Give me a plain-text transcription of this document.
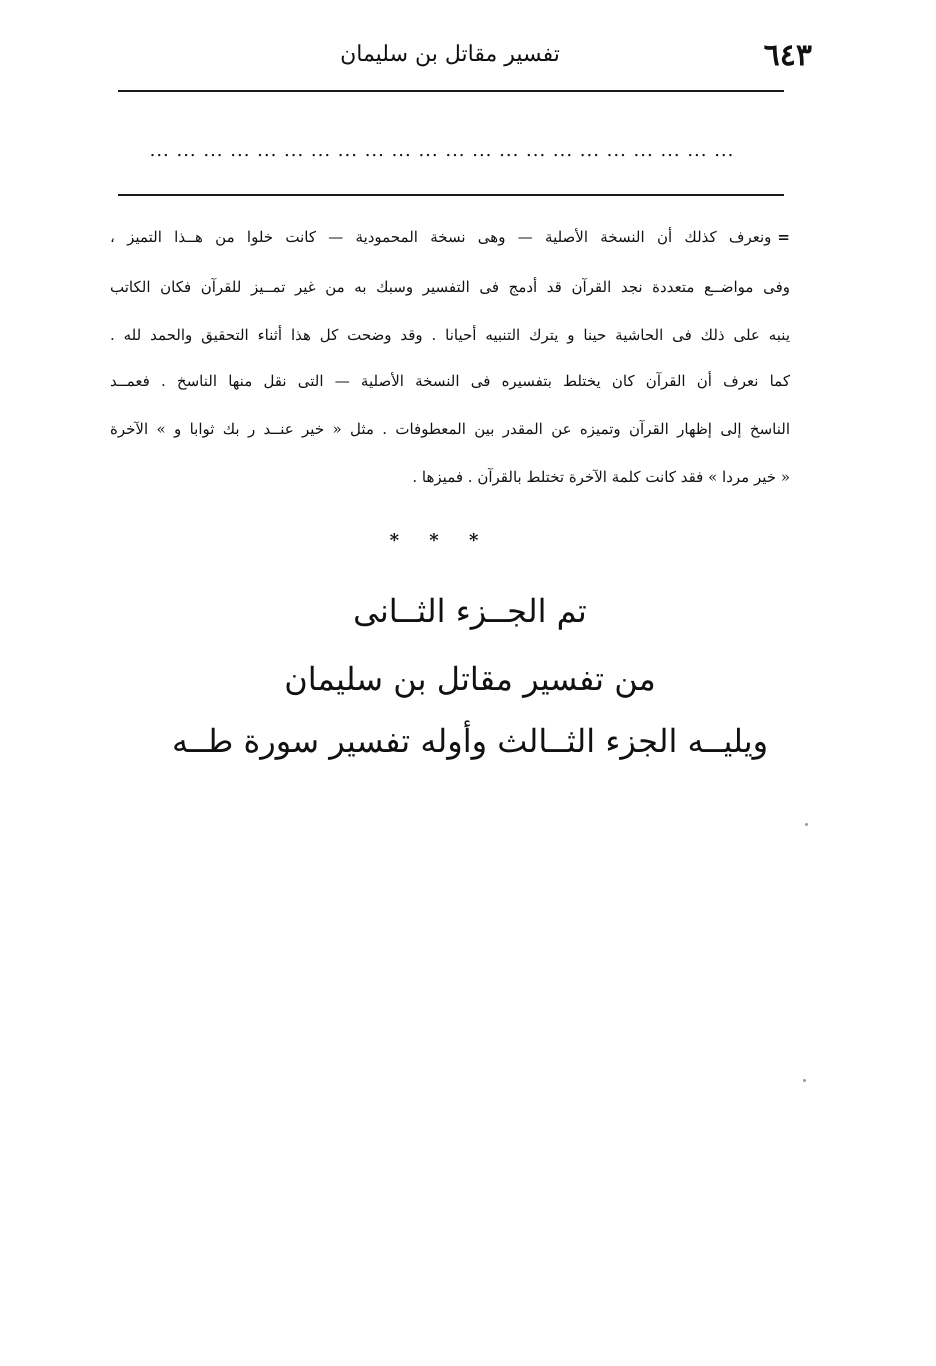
تفسير مقاتل بن سليمان	٦٤٣
... ... ... ... ... ... ... ... ... ... ... ... ... ... ... ... ... ... ... ... ... ...
=ونعرف كذلك أن النسخة الأصلية — وهى نسخة المحمودية — كانت خلوا من هــذا التميز ،
وفى مواضــع متعددة نجد القرآن قد أدمج فى التفسير وسبك به من غير تمــيز للقرآن فكان الكاتب
ينبه على ذلك فى الحاشية حينا و يترك التنبيه أحيانا . وقد وضحت كل هذا أثناء التحقيق والحمد لله .
كما نعرف أن القرآن كان يختلط بتفسيره فى النسخة الأصلية — التى نقل منها الناسخ . فعمــد
الناسخ إلى إظهار القرآن وتميزه عن المقدر بين المعطوفات . مثل « خير عنــد ر بك ثوابا و » الآخرة
« خير مردا » فقد كانت كلمة الآخرة تختلط بالقرآن . فميزها .
* * *
تم الجــزء الثــانى
من تفسير مقاتل بن سليمان
ويليــه الجزء الثــالث وأوله تفسير سورة طــه
